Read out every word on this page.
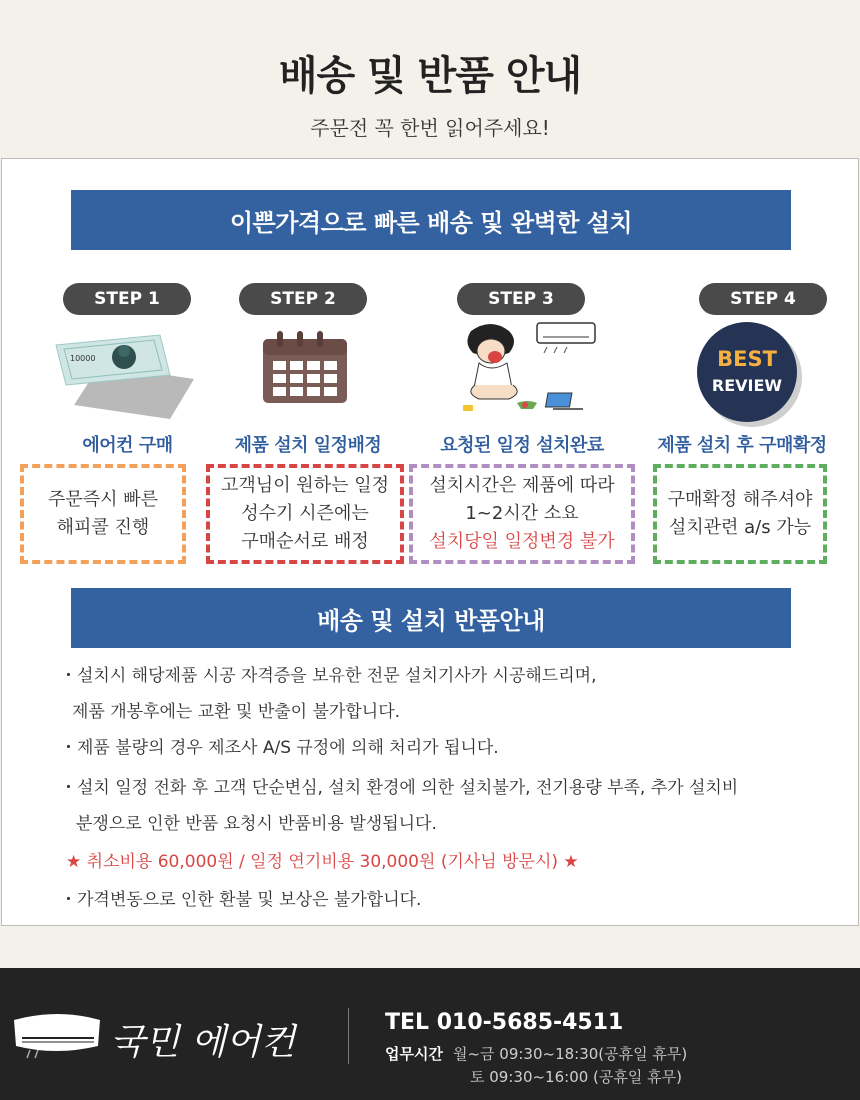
배송 및 반품 안내
주문전 꼭 한번 읽어주세요!
이쁜가격으로 빠른 배송 및 완벽한 설치
STEP 1	STEP 2	STEP 3	STEP 4
10000	BEST
REVIEW
에어컨 구매	제품 설치 일정배정	요청된 일정 설치완료	제품 설치 후 구매확정
주문즉시 빠른
해피콜 진행
고객님이 원하는 일정
성수기 시즌에는
구매순서로 배정
설치시간은 제품에 따라
1~2시간 소요
설치당일 일정변경 불가
구매확정 해주셔야
설치관련 a/s 가능
배송 및 설치 반품안내
・설치시 해당제품 시공 자격증을 보유한 전문 설치기사가 시공해드리며,
제품 개봉후에는 교환 및 반출이 불가합니다.
・제품 불량의 경우 제조사 A/S 규정에 의해 처리가 됩니다.
・설치 일정 전화 후 고객 단순변심, 설치 환경에 의한 설치불가, 전기용량 부족, 추가 설치비
분쟁으로 인한 반품 요청시 반품비용 발생됩니다.
★ 취소비용 60,000원 / 일정 연기비용 30,000원 (기사님 방문시) ★
・가격변동으로 인한 환불 및 보상은 불가합니다.
국민 에어컨	TEL 010-5685-4511
업무시간 월~금 09:30~18:30(공휴일 휴무)
토 09:30~16:00 (공휴일 휴무)
